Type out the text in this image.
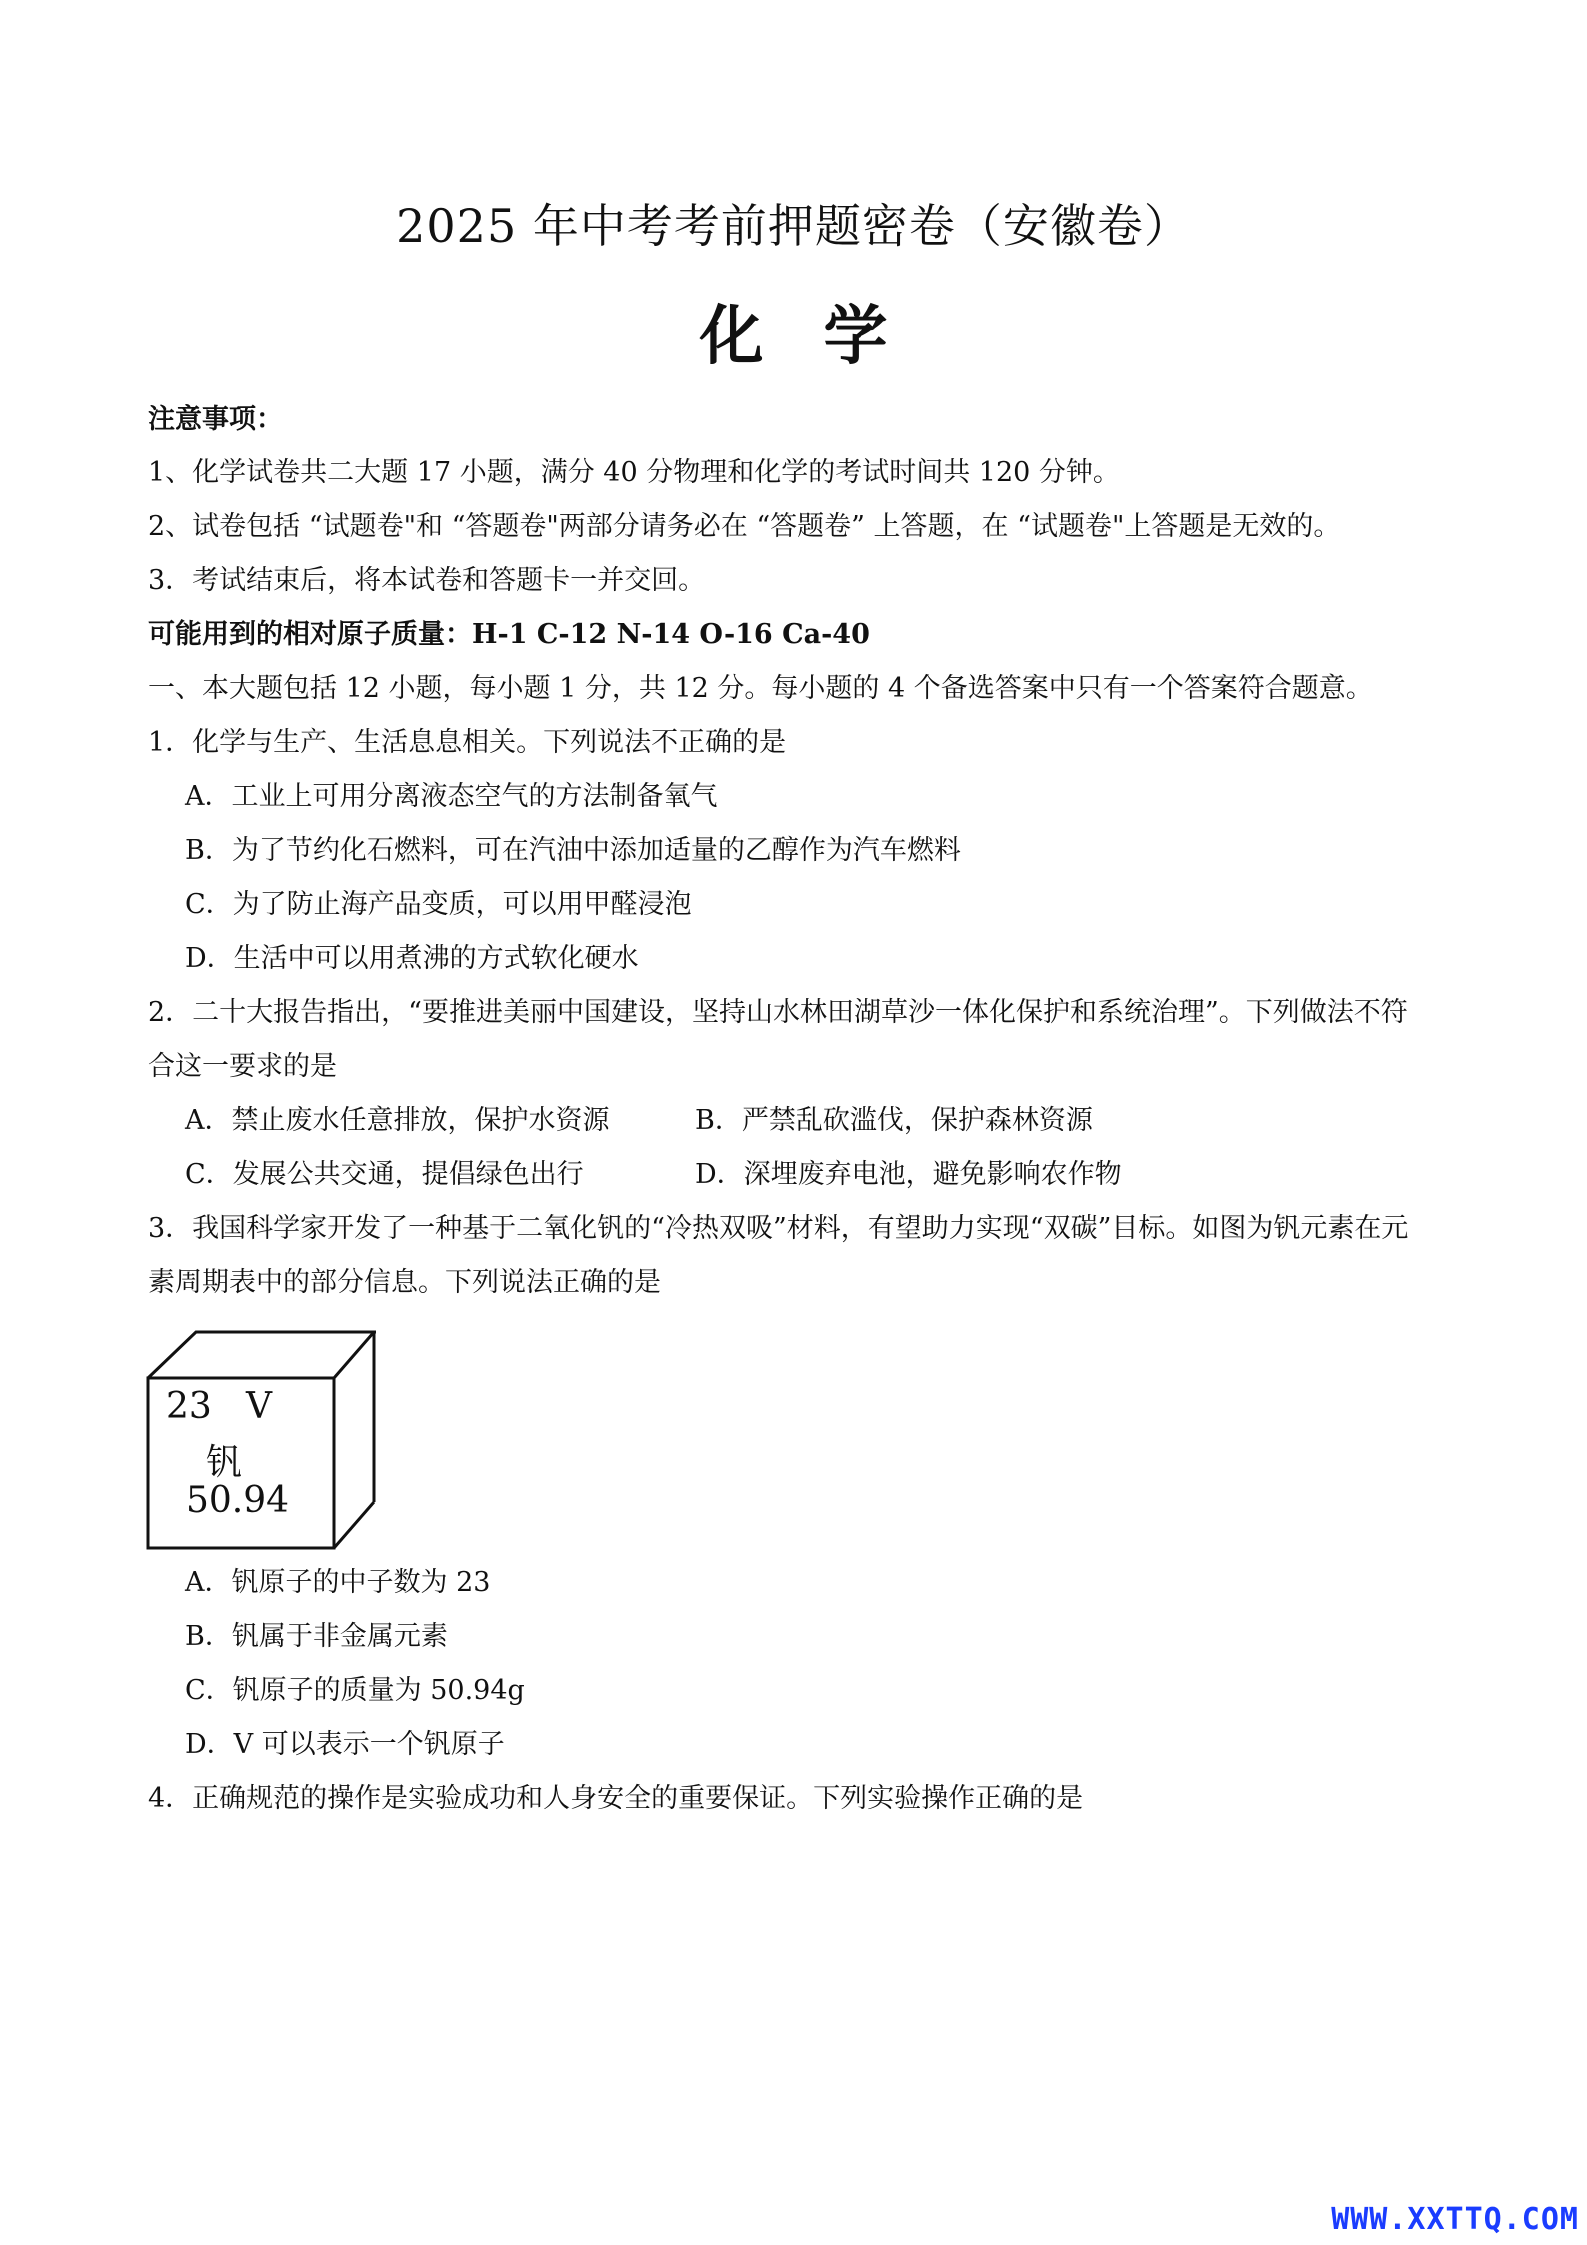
2025 年中考考前押题密卷（安徽卷）
化学
注意事项：
1、化学试卷共二大题 17 小题，满分 40 分物理和化学的考试时间共 120 分钟。
2、试卷包括 “试题卷"和 “答题卷"两部分请务必在 “答题卷” 上答题，在 “试题卷"上答题是无效的。
3．考试结束后，将本试卷和答题卡一并交回。
可能用到的相对原子质量：H-1 C-12 N-14 O-16 Ca-40
一、本大题包括 12 小题，每小题 1 分，共 12 分。每小题的 4 个备选答案中只有一个答案符合题意。
1．化学与生产、生活息息相关。下列说法不正确的是
A．工业上可用分离液态空气的方法制备氧气
B．为了节约化石燃料，可在汽油中添加适量的乙醇作为汽车燃料
C．为了防止海产品变质，可以用甲醛浸泡
D．生活中可以用煮沸的方式软化硬水
2．二十大报告指出，“要推进美丽中国建设，坚持山水林田湖草沙一体化保护和系统治理”。下列做法不符
合这一要求的是
A．禁止废水任意排放，保护水资源	B．严禁乱砍滥伐，保护森林资源
C．发展公共交通，提倡绿色出行	D．深埋废弃电池，避免影响农作物
3．我国科学家开发了一种基于二氧化钒的“冷热双吸”材料，有望助力实现“双碳”目标。如图为钒元素在元
素周期表中的部分信息。下列说法正确的是
23 V
钒
50.94
A．钒原子的中子数为 23
B．钒属于非金属元素
C．钒原子的质量为 50.94g
D．V 可以表示一个钒原子
4．正确规范的操作是实验成功和人身安全的重要保证。下列实验操作正确的是
WWW.XXTTQ.COM
